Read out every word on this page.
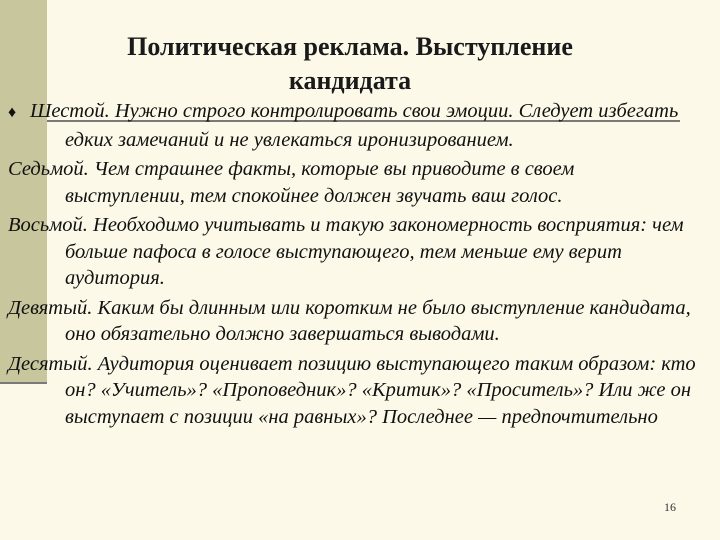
Политическая реклама. Выступление
кандидата

♦ Шестой. Нужно строго контролировать свои эмоции. Следует избегать едких замечаний и не увлекаться иронизированием.

Седьмой. Чем страшнее факты, которые вы приводите в своем выступлении, тем спокойнее должен звучать ваш голос.

Восьмой. Необходимо учитывать и такую закономерность восприятия: чем больше пафоса в голосе выступающего, тем меньше ему верит аудитория.

Девятый. Каким бы длинным или коротким не было выступление кандидата, оно обязательно должно завершаться выводами.

Десятый. Аудитория оценивает позицию выступающего таким образом: кто он? «Учитель»? «Проповедник»? «Критик»? «Проситель»? Или же он выступает с позиции «на равных»? Последнее — предпочтительно

16
